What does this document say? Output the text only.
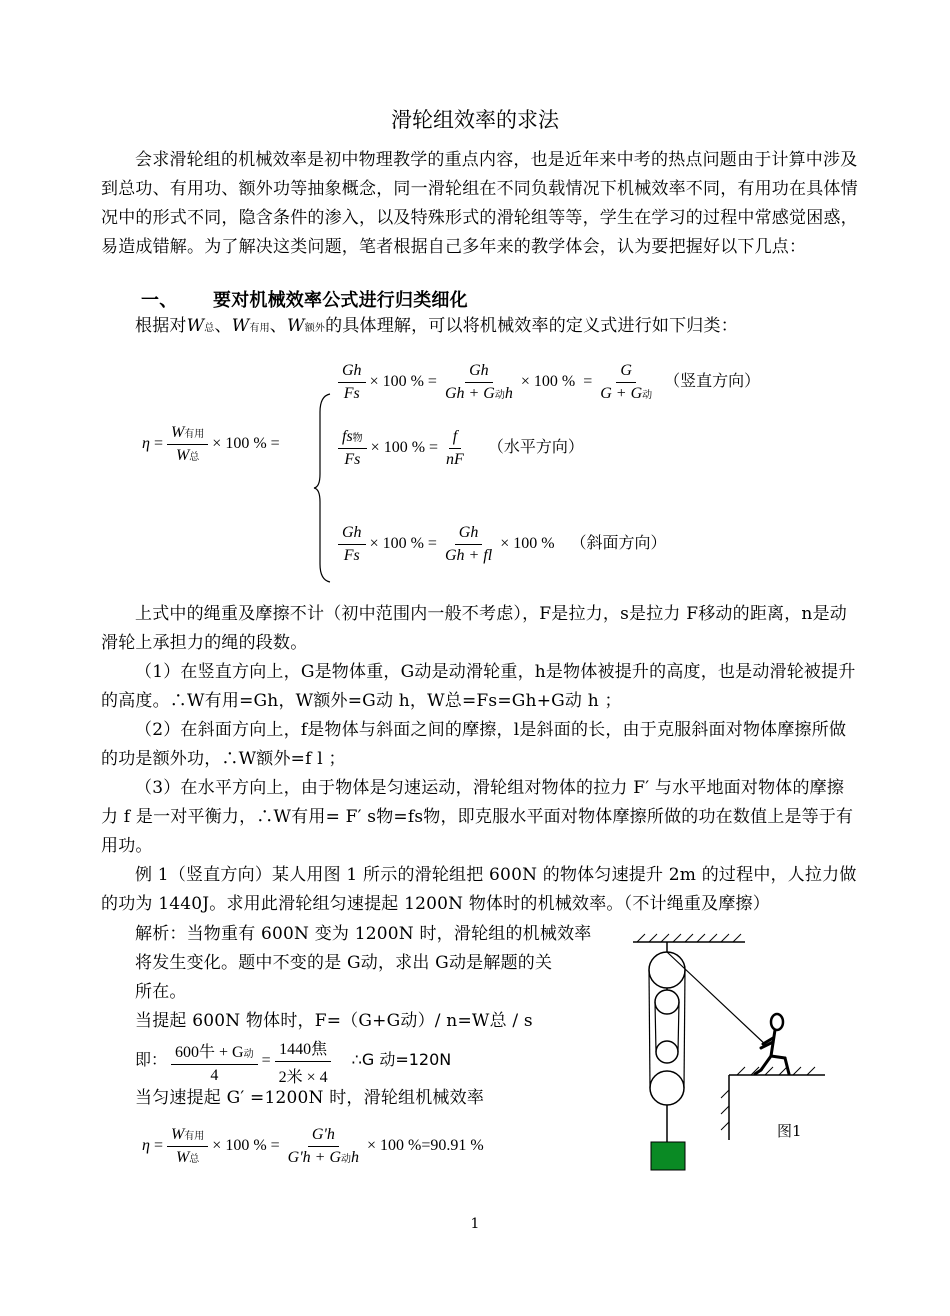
滑轮组效率的求法

会求滑轮组的机械效率是初中物理教学的重点内容，也是近年来中考的热点问题由于计算中涉及到总功、有用功、额外功等抽象概念，同一滑轮组在不同负载情况下机械效率不同，有用功在具体情况中的形式不同，隐含条件的渗入，以及特殊形式的滑轮组等等，学生在学习的过程中常感觉困惑，易造成错解。为了解决这类问题，笔者根据自己多年来的教学体会，认为要把握好以下几点：

一、 要对机械效率公式进行归类细化

根据对W总、W有用、W额外的具体理解，可以将机械效率的定义式进行如下归类：

$\eta = \frac{\text{W有用}}{\text{W总}} \times 100$ % =
$\frac{Gh}{Fs} \times 100$ % = $\frac{Gh}{\text{Gh + G动h}} \times 100$ % = $\frac{G}{\text{G + G动}}$ （竖直方向）
$\frac{\text{fs物}}{Fs} \times 100$ % = $\frac{f}{nF}$ （水平方向）
$\frac{Gh}{Fs} \times 100$ % = $\frac{Gh}{Gh + fl} \times 100$ % （斜面方向）

上式中的绳重及摩擦不计（初中范围内一般不考虑），F是拉力，s是拉力 F移动的距离，n是动滑轮上承担力的绳的段数。

（1）在竖直方向上，G是物体重，G动是动滑轮重，h是物体被提升的高度，也是动滑轮被提升的高度。∴W有用=Gh，W额外=G动 h，W总=Fs=Gh+G动 h ；

（2）在斜面方向上，f是物体与斜面之间的摩擦，l是斜面的长，由于克服斜面对物体摩擦所做的功是额外功，∴W额外=f l ；

（3）在水平方向上，由于物体是匀速运动，滑轮组对物体的拉力 F′ 与水平地面对物体的摩擦力 f 是一对平衡力，∴W有用= F′ s物=fs物，即克服水平面对物体摩擦所做的功在数值上是等于有用功。

例 1（竖直方向）某人用图 1 所示的滑轮组把 600N 的物体匀速提升 2m 的过程中，人拉力做的功为 1440J。求用此滑轮组匀速提起 1200N 物体时的机械效率。（不计绳重及摩擦）

解析：当物重有 600N 变为 1200N 时，滑轮组的机械效率

将发生变化。题中不变的是 G动，求出 G动是解题的关

所在。

当提起 600N 物体时，F=（G+G动）/ n=W总 / s

即： $\frac{\text{600牛 + G动}}{4} = \frac{\text{1440焦}}{\text{2米 × 4}}$ ∴G 动=120N

当匀速提起 G′ =1200N 时，滑轮组机械效率

$\eta = \frac{\text{W有用}}{\text{W总}} \times 100$ % = $\frac{G'h}{\text{G'h + G动h}} \times 100$ %=90.91 %
图1
1
